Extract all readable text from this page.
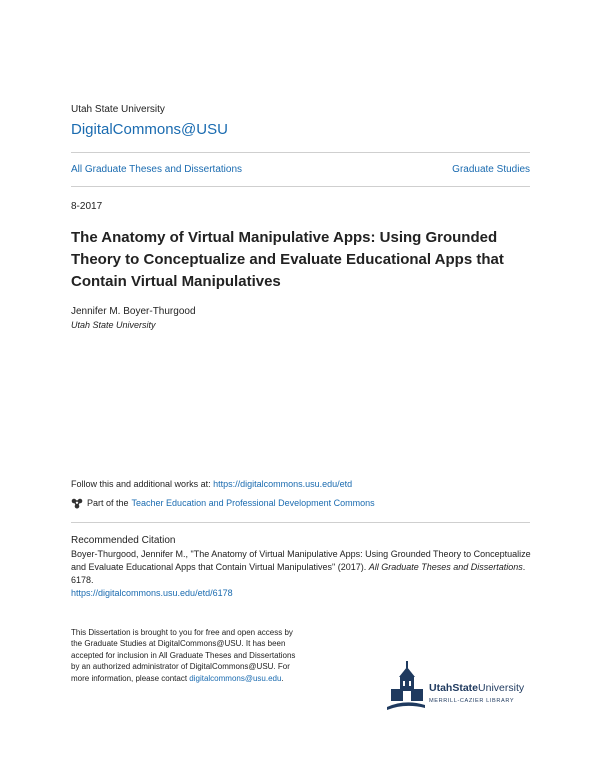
Utah State University
DigitalCommons@USU
All Graduate Theses and Dissertations	Graduate Studies
8-2017
The Anatomy of Virtual Manipulative Apps: Using Grounded Theory to Conceptualize and Evaluate Educational Apps that Contain Virtual Manipulatives
Jennifer M. Boyer-Thurgood
Utah State University
Follow this and additional works at: https://digitalcommons.usu.edu/etd
Part of the Teacher Education and Professional Development Commons
Recommended Citation
Boyer-Thurgood, Jennifer M., "The Anatomy of Virtual Manipulative Apps: Using Grounded Theory to Conceptualize and Evaluate Educational Apps that Contain Virtual Manipulatives" (2017). All Graduate Theses and Dissertations. 6178.
https://digitalcommons.usu.edu/etd/6178
This Dissertation is brought to you for free and open access by the Graduate Studies at DigitalCommons@USU. It has been accepted for inclusion in All Graduate Theses and Dissertations by an authorized administrator of DigitalCommons@USU. For more information, please contact digitalcommons@usu.edu.
UtahStateUniversity
MERRILL-CAZIER LIBRARY
